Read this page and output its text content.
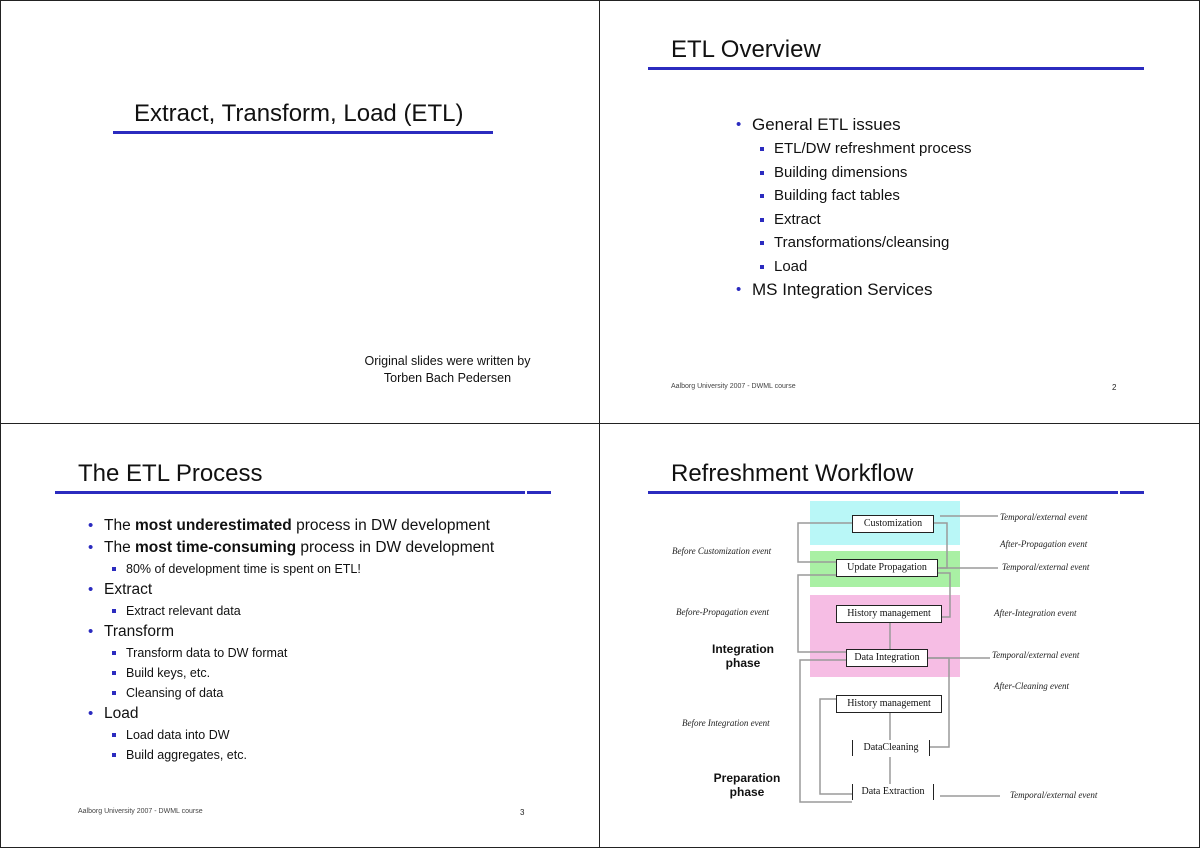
Extract, Transform, Load (ETL)
Original slides were written by
Torben Bach Pedersen
ETL Overview
• General ETL issues
ETL/DW refreshment process
Building dimensions
Building fact tables
Extract
Transformations/cleansing
Load
• MS Integration Services
Aalborg University 2007 - DWML course	2
The ETL Process
• The most underestimated process in DW development
• The most time-consuming process in DW development
80% of development time is spent on ETL!
• Extract
Extract relevant data
• Transform
Transform data to DW format
Build keys, etc.
Cleansing of data
• Load
Load data into DW
Build aggregates, etc.
Aalborg University 2007 - DWML course	3
Refreshment Workflow
Customization
Update Propagation
History management
Data Integration
History management
DataCleaning
Data Extraction
Temporal/external event
After-Propagation event
Before Customization event
Temporal/external event
Before-Propagation event	After-Integration event
Temporal/external event
After-Cleaning event
Before Integration event
Temporal/external event
Integration
phase
Preparation
phase
